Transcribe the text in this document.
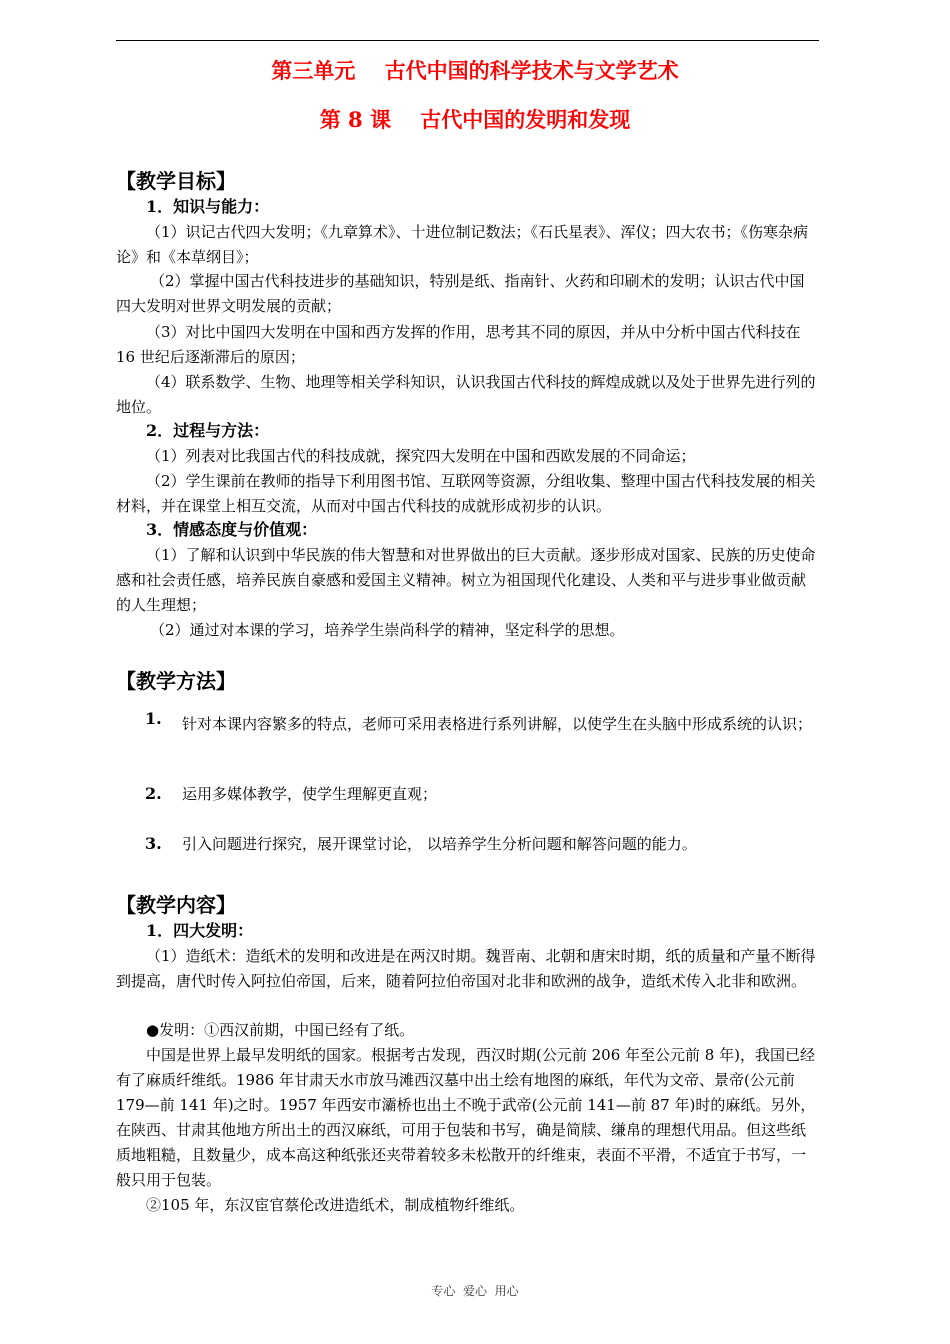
第三单元    古代中国的科学技术与文学艺术
第 8 课    古代中国的发明和发现
【教学目标】
1．知识与能力：
（1）识记古代四大发明；《九章算术》、十进位制记数法；《石氏星表》、浑仪；四大农书；《伤寒杂病论》和《本草纲目》；
（2）掌握中国古代科技进步的基础知识，特别是纸、指南针、火药和印刷术的发明；认识古代中国四大发明对世界文明发展的贡献；
（3）对比中国四大发明在中国和西方发挥的作用，思考其不同的原因，并从中分析中国古代科技在 16 世纪后逐渐滞后的原因；
（4）联系数学、生物、地理等相关学科知识，认识我国古代科技的辉煌成就以及处于世界先进行列的地位。
2．过程与方法：
（1）列表对比我国古代的科技成就，探究四大发明在中国和西欧发展的不同命运；
（2）学生课前在教师的指导下利用图书馆、互联网等资源，分组收集、整理中国古代科技发展的相关材料，并在课堂上相互交流，从而对中国古代科技的成就形成初步的认识。
3．情感态度与价值观：
（1）了解和认识到中华民族的伟大智慧和对世界做出的巨大贡献。逐步形成对国家、民族的历史使命感和社会责任感，培养民族自豪感和爱国主义精神。树立为祖国现代化建设、人类和平与进步事业做贡献的人生理想；
（2）通过对本课的学习，培养学生崇尚科学的精神，坚定科学的思想。
【教学方法】
1. 针对本课内容繁多的特点，老师可采用表格进行系列讲解，以使学生在头脑中形成系统的认识；
2. 运用多媒体教学，使学生理解更直观；
3. 引入问题进行探究，展开课堂讨论， 以培养学生分析问题和解答问题的能力。
【教学内容】
1．四大发明：
（1）造纸术：造纸术的发明和改进是在两汉时期。魏晋南、北朝和唐宋时期，纸的质量和产量不断得到提高，唐代时传入阿拉伯帝国，后来，随着阿拉伯帝国对北非和欧洲的战争，造纸术传入北非和欧洲。
●发明：①西汉前期，中国已经有了纸。
中国是世界上最早发明纸的国家。根据考古发现，西汉时期(公元前 206 年至公元前 8 年)，我国已经有了麻质纤维纸。1986 年甘肃天水市放马滩西汉墓中出土绘有地图的麻纸，年代为文帝、景帝(公元前 179—前 141 年)之时。1957 年西安市灞桥也出土不晚于武帝(公元前 141—前 87 年)时的麻纸。另外，在陕西、甘肃其他地方所出土的西汉麻纸，可用于包装和书写，确是简牍、缣帛的理想代用品。但这些纸质地粗糙，且数量少，成本高这种纸张还夹带着较多未松散开的纤维束，表面不平滑，不适宜于书写，一般只用于包装。
②105 年，东汉宦官蔡伦改进造纸术，制成植物纤维纸。
专心  爱心  用心
